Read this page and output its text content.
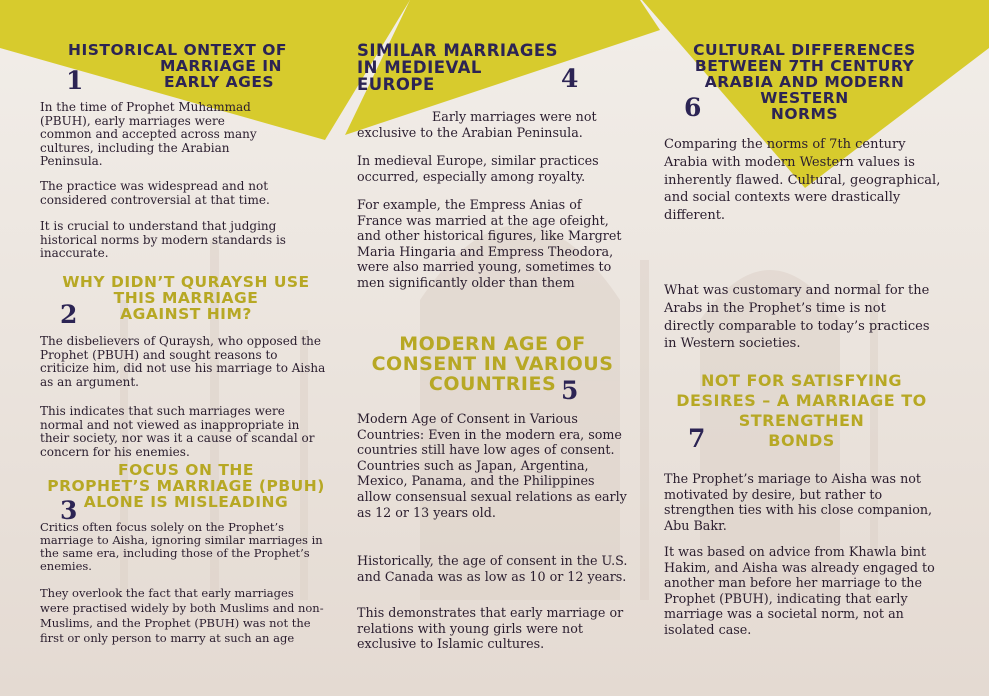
HISTORICAL ONTEXT OF
MARRIAGE IN
EARLY AGES
1

In the time of Prophet Muhammad (PBUH), early marriages were common and accepted across many cultures, including the Arabian Peninsula.

The practice was widespread and not considered controversial at that time.

It is crucial to understand that judging historical norms by modern standards is inaccurate.

WHY DIDN’T QURAYSH USE
THIS MARRIAGE
AGAINST HIM?
2

The disbelievers of Quraysh, who opposed the Prophet (PBUH) and sought reasons to criticize him, did not use his marriage to Aisha as an argument.

This indicates that such marriages were normal and not viewed as inappropriate in their society, nor was it a cause of scandal or concern for his enemies.

FOCUS ON THE
PROPHET’S MARRIAGE (PBUH)
ALONE IS MISLEADING
3

Critics often focus solely on the Prophet’s marriage to Aisha, ignoring similar marriages in the same era, including those of the Prophet’s enemies.

They overlook the fact that early marriages were practised widely by both Muslims and non-Muslims, and the Prophet (PBUH) was not the first or only person to marry at such an age

SIMILAR MARRIAGES
IN MEDIEVAL
EUROPE	4

Early marriages were not exclusive to the Arabian Peninsula.

In medieval Europe, similar practices occurred, especially among royalty.

For example, the Empress Anias of France was married at the age ofeight, and other historical figures, like Margret Maria Hingaria and Empress Theodora, were also married young, sometimes to men significantly older than them

MODERN AGE OF
CONSENT IN VARIOUS
COUNTRIES 5

Modern Age of Consent in Various Countries: Even in the modern era, some countries still have low ages of consent. Countries such as Japan, Argentina, Mexico, Panama, and the Philippines allow consensual sexual relations as early as 12 or 13 years old.

Historically, the age of consent in the U.S. and Canada was as low as 10 or 12 years.

This demonstrates that early marriage or relations with young girls were not exclusive to Islamic cultures.

CULTURAL DIFFERENCES
BETWEEN 7TH CENTURY
ARABIA AND MODERN
WESTERN
NORMS
6

Comparing the norms of 7th century Arabia with modern Western values is inherently flawed. Cultural, geographical, and social contexts were drastically different.

What was customary and normal for the Arabs in the Prophet’s time is not directly comparable to today’s practices in Western societies.

NOT FOR SATISFYING
DESIRES – A MARRIAGE TO
STRENGTHEN
BONDS
7

The Prophet’s mariage to Aisha was not motivated by desire, but rather to strengthen ties with his close companion, Abu Bakr.

It was based on advice from Khawla bint Hakim, and Aisha was already engaged to another man before her marriage to the Prophet (PBUH), indicating that early marriage was a societal norm, not an isolated case.
